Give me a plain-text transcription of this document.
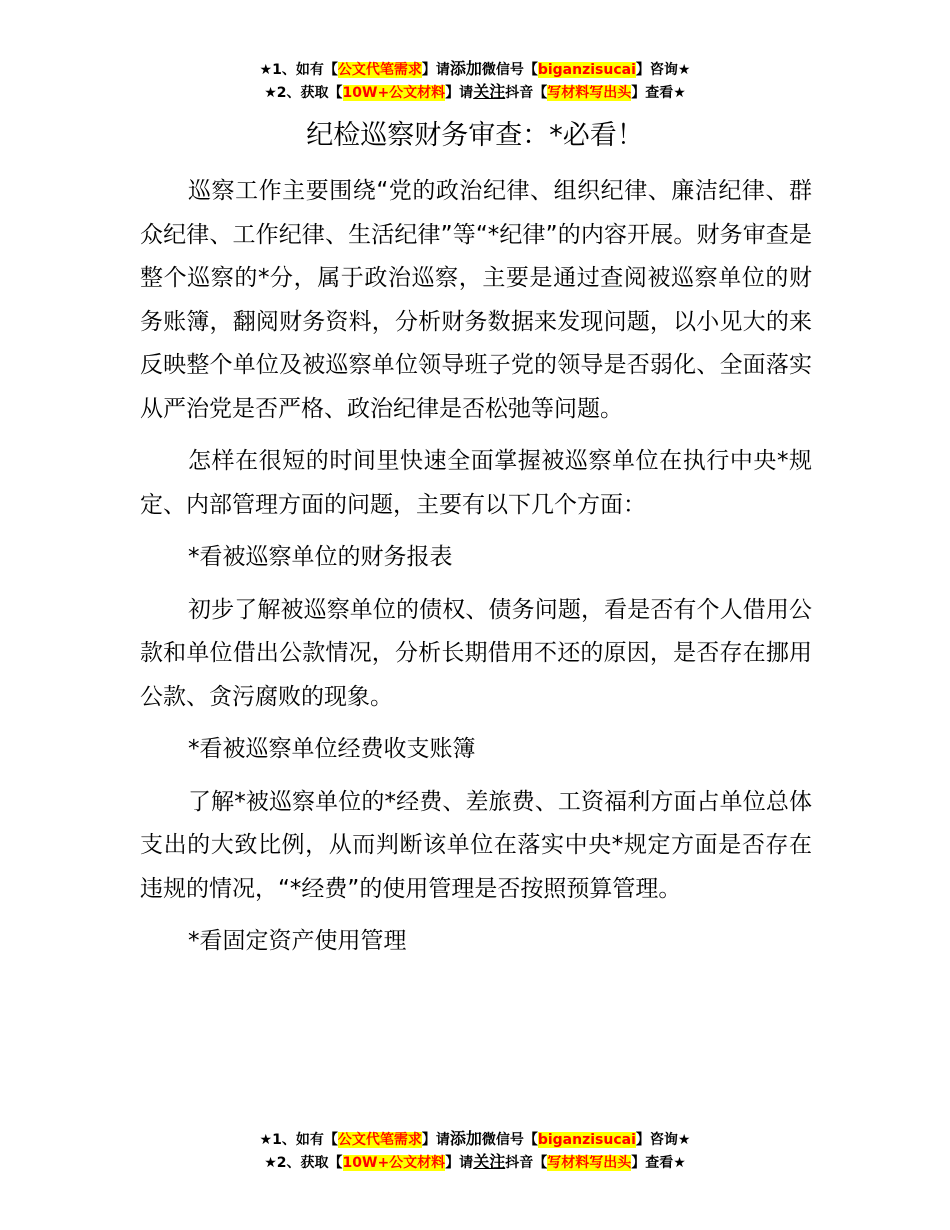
★1、如有【公文代笔需求】请添加微信号【biganzisucai】咨询★
★2、获取【10W+公文材料】请关注抖音【写材料写出头】查看★
纪检巡察财务审查：*必看！

巡察工作主要围绕“党的政治纪律、组织纪律、廉洁纪律、群众纪律、工作纪律、生活纪律”等“*纪律”的内容开展。财务审查是整个巡察的*分，属于政治巡察，主要是通过查阅被巡察单位的财务账簿，翻阅财务资料，分析财务数据来发现问题，以小见大的来反映整个单位及被巡察单位领导班子党的领导是否弱化、全面落实从严治党是否严格、政治纪律是否松弛等问题。

怎样在很短的时间里快速全面掌握被巡察单位在执行中央*规定、内部管理方面的问题，主要有以下几个方面：

*看被巡察单位的财务报表

初步了解被巡察单位的债权、债务问题，看是否有个人借用公款和单位借出公款情况，分析长期借用不还的原因，是否存在挪用公款、贪污腐败的现象。

*看被巡察单位经费收支账簿

了解*被巡察单位的*经费、差旅费、工资福利方面占单位总体支出的大致比例，从而判断该单位在落实中央*规定方面是否存在违规的情况，“*经费”的使用管理是否按照预算管理。

*看固定资产使用管理

★1、如有【公文代笔需求】请添加微信号【biganzisucai】咨询★
★2、获取【10W+公文材料】请关注抖音【写材料写出头】查看★
